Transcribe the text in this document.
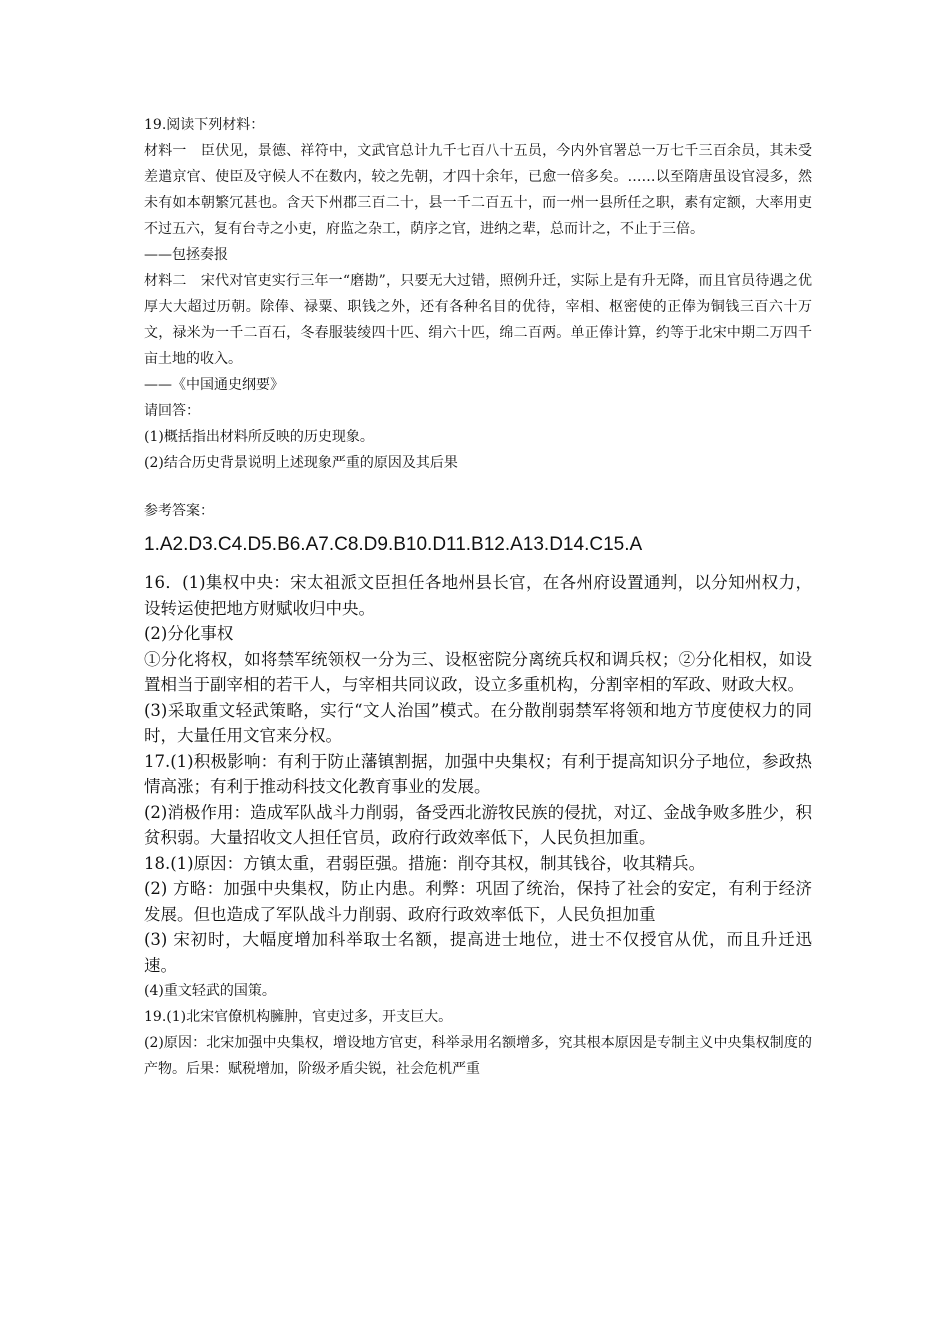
19.阅读下列材料：

材料一　臣伏见，景德、祥符中，文武官总计九千七百八十五员，今内外官署总一万七千三百余员，其未受差遣京官、使臣及守候人不在数内，较之先朝，才四十余年，已愈一倍多矣。……以至隋唐虽设官浸多，然未有如本朝繁冗甚也。含天下州郡三百二十，县一千二百五十，而一州一县所任之职，素有定额，大率用吏不过五六，复有台寺之小吏，府监之杂工，荫序之官，进纳之辈，总而计之，不止于三倍。

——包拯奏报

材料二　宋代对官吏实行三年一“磨勘”，只要无大过错，照例升迁，实际上是有升无降，而且官员待遇之优厚大大超过历朝。除俸、禄粟、职钱之外，还有各种名目的优待，宰相、枢密使的正俸为铜钱三百六十万文，禄米为一千二百石，冬春服装绫四十匹、绢六十匹，绵二百两。单正俸计算，约等于北宋中期二万四千亩土地的收入。

——《中国通史纲要》

请回答：

(1)概括指出材料所反映的历史现象。

(2)结合历史背景说明上述现象严重的原因及其后果

参考答案：

1.A2.D3.C4.D5.B6.A7.C8.D9.B10.D11.B12.A13.D14.C15.A

16．(1)集权中央：宋太祖派文臣担任各地州县长官，在各州府设置通判，以分知州权力，设转运使把地方财赋收归中央。

(2)分化事权

①分化将权，如将禁军统领权一分为三、设枢密院分离统兵权和调兵权；②分化相权，如设置相当于副宰相的若干人，与宰相共同议政，设立多重机构，分割宰相的军政、财政大权。

(3)采取重文轻武策略，实行“文人治国”模式。在分散削弱禁军将领和地方节度使权力的同时，大量任用文官来分权。

17.(1)积极影响：有利于防止藩镇割据，加强中央集权；有利于提高知识分子地位，参政热情高涨；有利于推动科技文化教育事业的发展。

(2)消极作用：造成军队战斗力削弱，备受西北游牧民族的侵扰，对辽、金战争败多胜少，积贫积弱。大量招收文人担任官员，政府行政效率低下，人民负担加重。

18.(1)原因：方镇太重，君弱臣强。措施：削夺其权，制其钱谷，收其精兵。

(2) 方略：加强中央集权，防止内患。利弊：巩固了统治，保持了社会的安定，有利于经济发展。但也造成了军队战斗力削弱、政府行政效率低下，人民负担加重

(3) 宋初时，大幅度增加科举取士名额，提高进士地位，进士不仅授官从优，而且升迁迅速。

(4)重文轻武的国策。

19.(1)北宋官僚机构臃肿，官吏过多，开支巨大。

(2)原因：北宋加强中央集权，增设地方官吏，科举录用名额增多，究其根本原因是专制主义中央集权制度的产物。后果：赋税增加，阶级矛盾尖锐，社会危机严重
